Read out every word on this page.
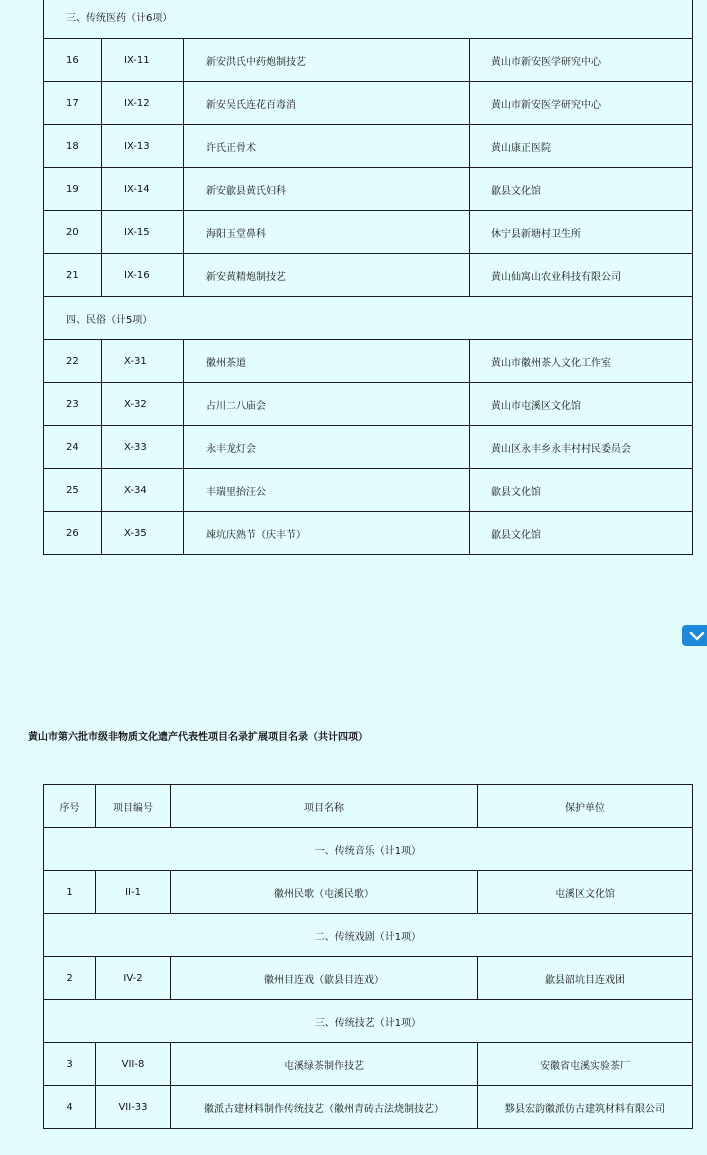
三、传统医药（计6项）			
16	IX-11	新安洪氏中药炮制技艺	黄山市新安医学研究中心
17	IX-12	新安吴氏连花百毒消	黄山市新安医学研究中心
18	IX-13	许氏正骨术	黄山康正医院
19	IX-14	新安歙县黄氏妇科	歙县文化馆
20	IX-15	海阳玉堂鼻科	休宁县新塘村卫生所
21	IX-16	新安黄精炮制技艺	黄山仙寓山农业科技有限公司
四、民俗（计5项）			
22	X-31	徽州茶道	黄山市徽州茶人文化工作室
23	X-32	占川二八庙会	黄山市屯溪区文化馆
24	X-33	永丰龙灯会	黄山区永丰乡永丰村村民委员会
25	X-34	丰瑞里抬汪公	歙县文化馆
26	X-35	竦坑庆熟节（庆丰节）	歙县文化馆
黄山市第六批市级非物质文化遗产代表性项目名录扩展项目名录（共计四项）
序号	项目编号	项目名称	保护单位
一、传统音乐（计1项）			
1	II-1	徽州民歌（屯溪民歌）	屯溪区文化馆
二、传统戏剧（计1项）			
2	IV-2	徽州目连戏（歙县目连戏）	歙县韶坑目连戏团
三、传统技艺（计1项）			
3	VII-8	屯溪绿茶制作技艺	安徽省屯溪实验茶厂
4	VII-33	徽派古建材料制作传统技艺（徽州青砖古法烧制技艺）	黟县宏韵徽派仿古建筑材料有限公司
